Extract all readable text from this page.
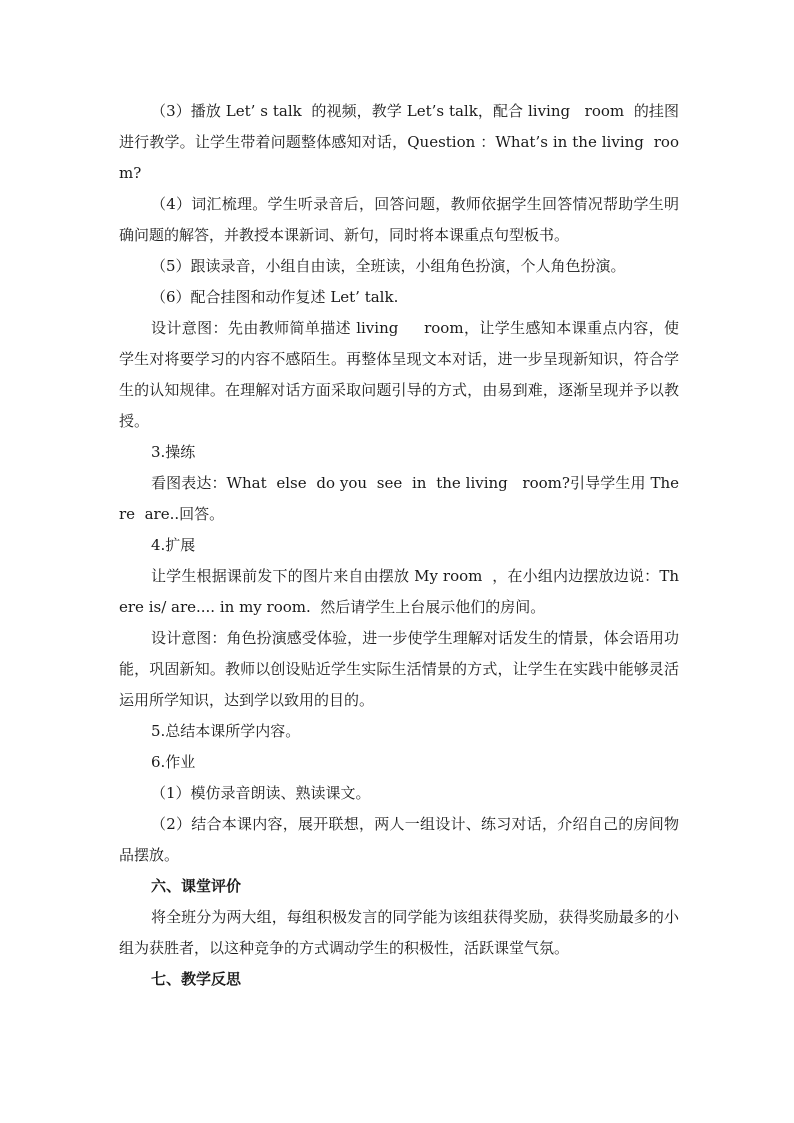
（3）播放 Let’ s talk  的视频，教学 Let’s talk，配合 living   room  的挂图进行教学。让学生带着问题整体感知对话，Question ：What’s in the living  room?

（4）词汇梳理。学生听录音后，回答问题，教师依据学生回答情况帮助学生明确问题的解答，并教授本课新词、新句，同时将本课重点句型板书。

（5）跟读录音，小组自由读，全班读，小组角色扮演，个人角色扮演。

（6）配合挂图和动作复述 Let’ talk.

设计意图：先由教师简单描述 living     room，让学生感知本课重点内容，使学生对将要学习的内容不感陌生。再整体呈现文本对话，进一步呈现新知识，符合学生的认知规律。在理解对话方面采取问题引导的方式，由易到难，逐渐呈现并予以教授。

3.操练

看图表达：What  else  do you  see  in  the living   room?引导学生用 There  are..回答。

4.扩展

让学生根据课前发下的图片来自由摆放 My room  ，在小组内边摆放边说：There is/ are.... in my room.  然后请学生上台展示他们的房间。

设计意图：角色扮演感受体验，进一步使学生理解对话发生的情景，体会语用功能，巩固新知。教师以创设贴近学生实际生活情景的方式，让学生在实践中能够灵活运用所学知识，达到学以致用的目的。

5.总结本课所学内容。

6.作业

（1）模仿录音朗读、熟读课文。

（2）结合本课内容，展开联想，两人一组设计、练习对话，介绍自己的房间物品摆放。

六、课堂评价

将全班分为两大组，每组积极发言的同学能为该组获得奖励，获得奖励最多的小组为获胜者，以这种竞争的方式调动学生的积极性，活跃课堂气氛。

七、教学反思
